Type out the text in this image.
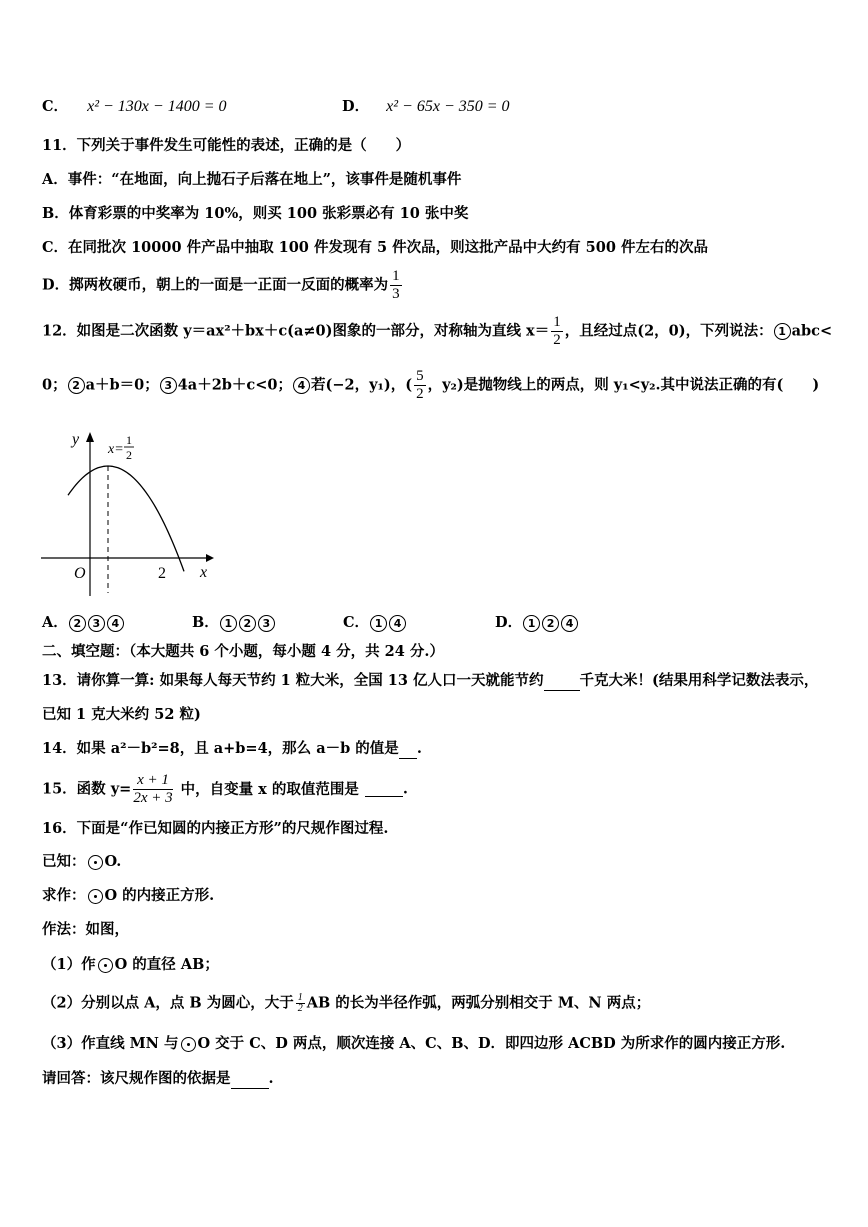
C． x² − 130x − 1400 = 0	D． x² − 65x − 350 = 0
11．下列关于事件发生可能性的表述，正确的是（　　）
A．事件：“在地面，向上抛石子后落在地上”，该事件是随机事件
B．体育彩票的中奖率为 10%，则买 100 张彩票必有 10 张中奖
C．在同批次 10000 件产品中抽取 100 件发现有 5 件次品，则这批产品中大约有 500 件左右的次品
D．掷两枚硬币，朝上的一面是一正面一反面的概率为 $\frac{1}{3}$
12．如图是二次函数 y＝ax²＋bx＋c(a≠0)图象的一部分，对称轴为直线 $x= \frac{1}{2}$ ，且经过点(2，0)，下列说法： 1 abc<
0； 2 a＋b＝0； 3 4a＋2b＋c<0； 4 若(−2，y₁)，( $\frac{5}{2}$ ，y₂)是抛物线上的两点，则 y₁<y₂.其中说法正确的有(　　)
y
x
O	2
x=
1
2
A． 2 3 4	B． 1 2 3	C． 1 4	D． 1 2 4
二、填空题：（本大题共 6 个小题，每小题 4 分，共 24 分.）
13．请你算一算: 如果每人每天节约 1 粒大米，全国 13 亿人口一天就能节约 千克大米！(结果用科学记数法表示，
已知 1 克大米约 52 粒)
14．如果 a²－b²=8，且 a+b=4，那么 a－b 的值是 .
15．函数 $y= \frac{x + 1}{2x + 3}$ 中，自变量 x 的取值范围是	.
16．下面是“作已知圆的内接正方形”的尺规作图过程.
已知： O.
求作： O 的内接正方形.
作法：如图，
（1）作 O 的直径 AB；
（2）分别以点 A，点 B 为圆心，大于 $\frac{1}{2}$ AB 的长为半径作弧，两弧分别相交于 M、N 两点；
（3）作直线 MN 与 O 交于 C、D 两点，顺次连接 A、C、B、D．即四边形 ACBD 为所求作的圆内接正方形.
请回答：该尺规作图的依据是	.
